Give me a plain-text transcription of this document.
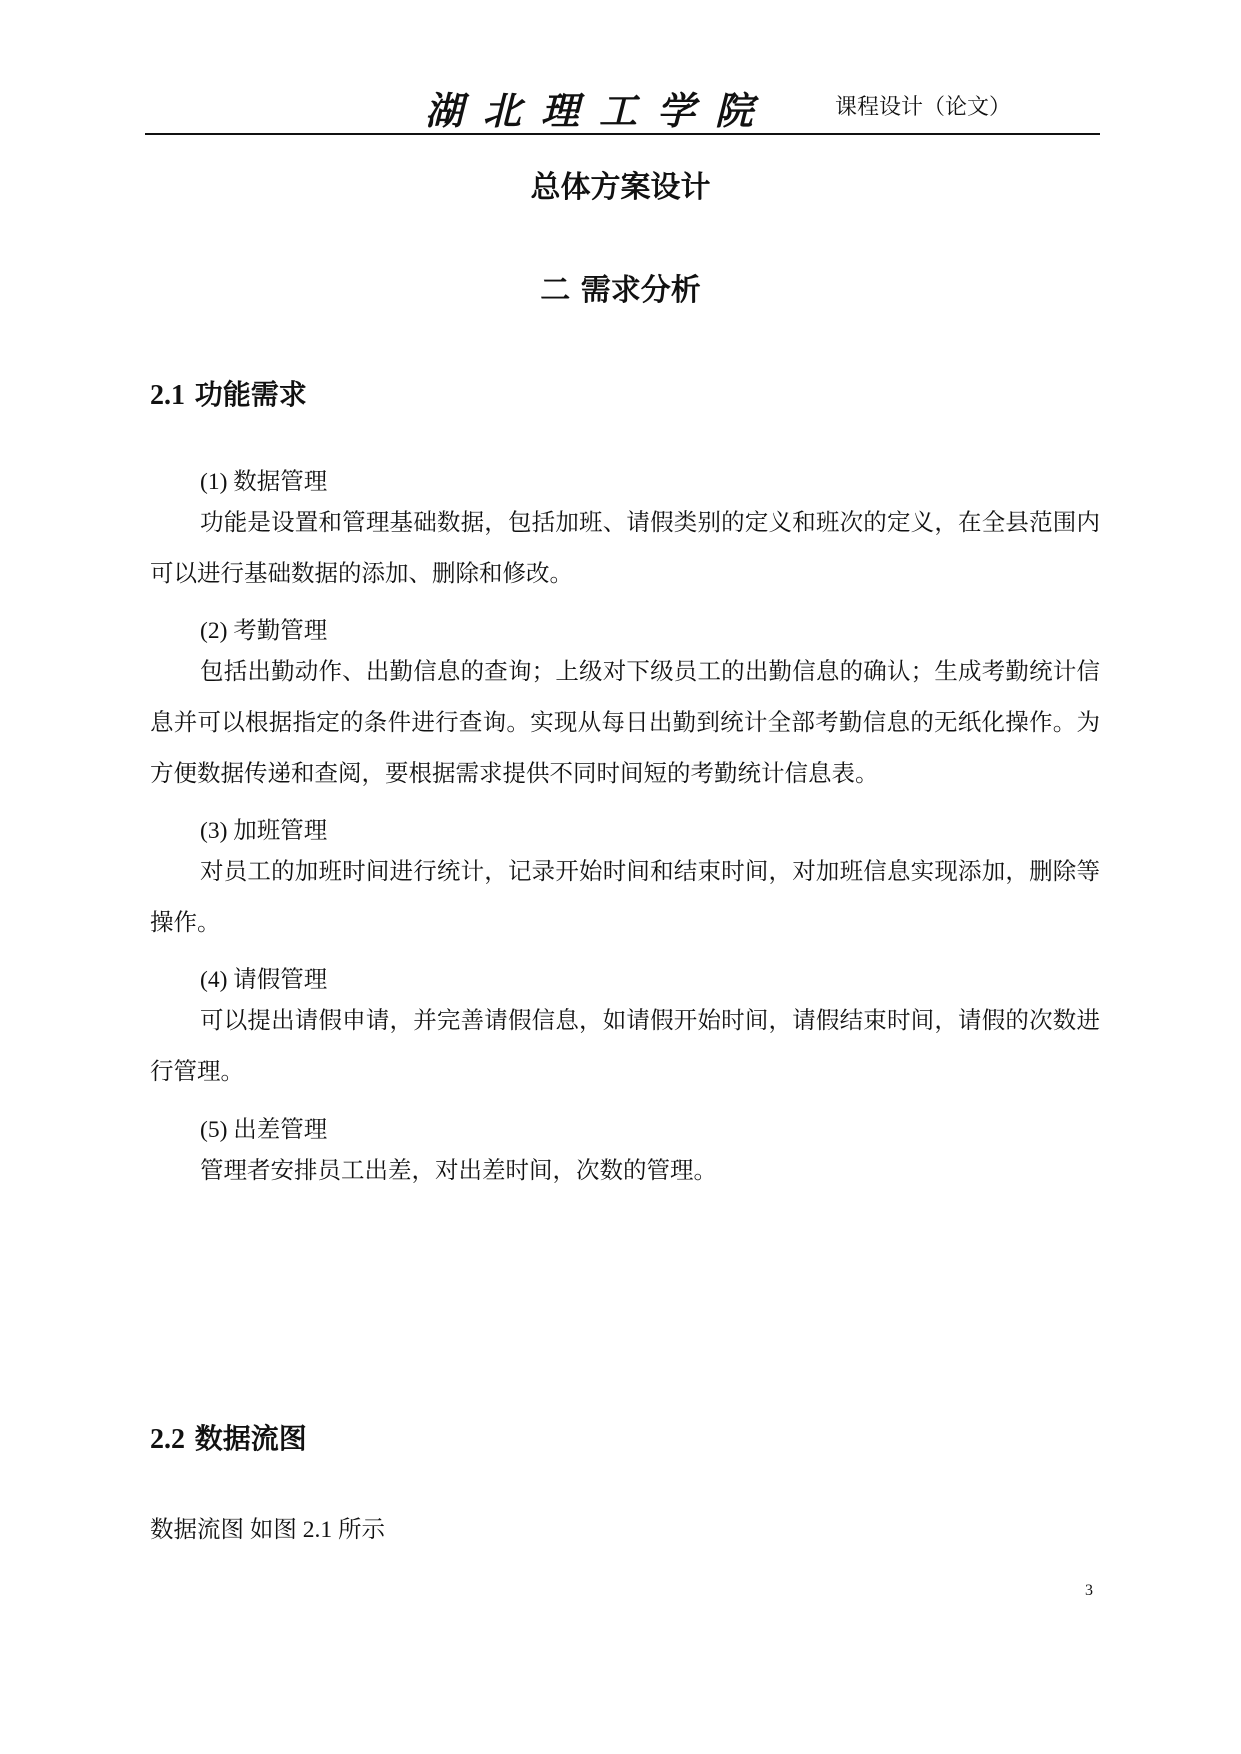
湖北理工学院	课程设计（论文）
总体方案设计
二 需求分析
2.1 功能需求
(1) 数据管理
功能是设置和管理基础数据，包括加班、请假类别的定义和班次的定义，在全县范围内可以进行基础数据的添加、删除和修改。
(2) 考勤管理
包括出勤动作、出勤信息的查询；上级对下级员工的出勤信息的确认；生成考勤统计信息并可以根据指定的条件进行查询。实现从每日出勤到统计全部考勤信息的无纸化操作。为方便数据传递和查阅，要根据需求提供不同时间短的考勤统计信息表。
(3) 加班管理
对员工的加班时间进行统计，记录开始时间和结束时间，对加班信息实现添加，删除等操作。
(4) 请假管理
可以提出请假申请，并完善请假信息，如请假开始时间，请假结束时间，请假的次数进行管理。
(5) 出差管理
管理者安排员工出差，对出差时间，次数的管理。
2.2 数据流图
数据流图 如图 2.1 所示
3
